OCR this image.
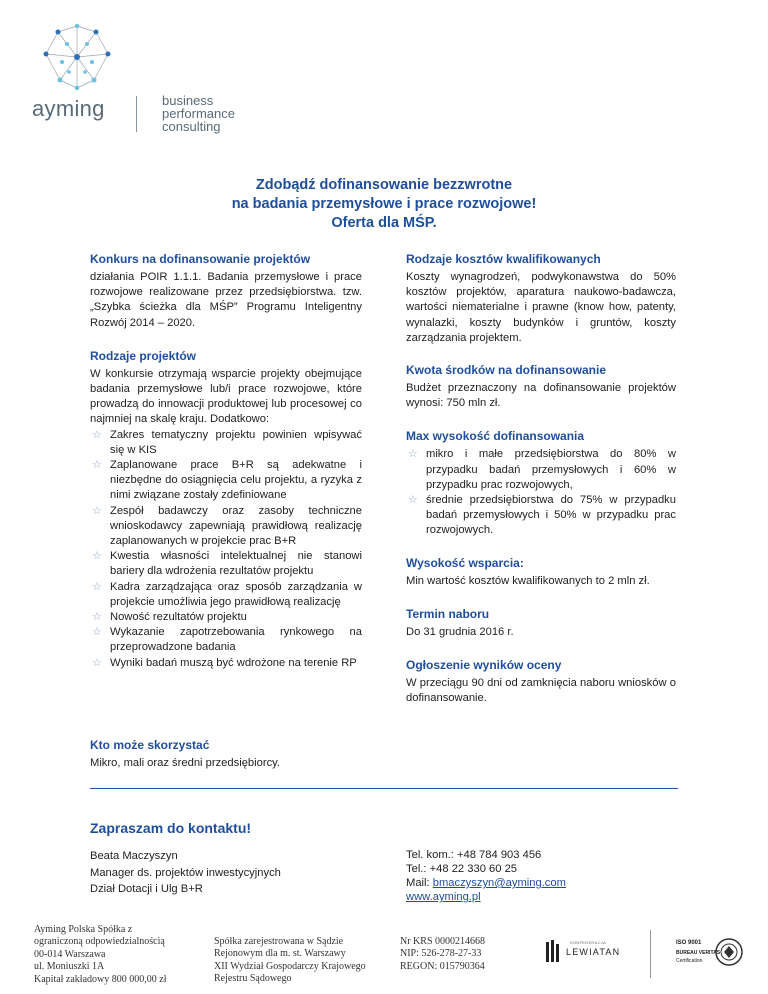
ayming	business
performance
consulting
Zdobądź dofinansowanie bezzwrotne
na badania przemysłowe i prace rozwojowe!
Oferta dla MŚP.
Konkurs na dofinansowanie projektów
działania POIR 1.1.1. Badania przemysłowe i prace rozwojowe realizowane przez przedsiębiorstwa. tzw. „Szybka ścieżka dla MŚP” Programu Inteligentny Rozwój 2014 – 2020.
Rodzaje projektów
W konkursie otrzymają wsparcie projekty obejmujące badania przemysłowe lub/i prace rozwojowe, które prowadzą do innowacji produktowej lub procesowej co najmniej na skalę kraju. Dodatkowo:
☆ Zakres tematyczny projektu powinien wpisywać się w KIS
☆ Zaplanowane prace B+R są adekwatne i niezbędne do osiągnięcia celu projektu, a ryzyka z nimi związane zostały zdefiniowane
☆ Zespół badawczy oraz zasoby techniczne wnioskodawcy zapewniają prawidłową realizację zaplanowanych w projekcie prac B+R
☆ Kwestia własności intelektualnej nie stanowi bariery dla wdrożenia rezultatów projektu
☆ Kadra zarządzająca oraz sposób zarządzania w projekcie umożliwia jego prawidłową realizację
☆ Nowość rezultatów projektu
☆ Wykazanie zapotrzebowania rynkowego na przeprowadzone badania
☆ Wyniki badań muszą być wdrożone na terenie RP
Kto może skorzystać
Mikro, mali oraz średni przedsiębiorcy.
Rodzaje kosztów kwalifikowanych
Koszty wynagrodzeń, podwykonawstwa do 50% kosztów projektów, aparatura naukowo-badawcza, wartości niematerialne i prawne (know how, patenty, wynalazki, koszty budynków i gruntów, koszty zarządzania projektem.
Kwota środków na dofinansowanie
Budżet przeznaczony na dofinansowanie projektów wynosi: 750 mln zł.
Max wysokość dofinansowania
☆ mikro i małe przedsiębiorstwa do 80% w przypadku badań przemysłowych i 60% w przypadku prac rozwojowych,
☆ średnie przedsiębiorstwa do 75% w przypadku badań przemysłowych i 50% w przypadku prac rozwojowych.
Wysokość wsparcia:
Min wartość kosztów kwalifikowanych to 2 mln zł.
Termin naboru
Do 31 grudnia 2016 r.
Ogłoszenie wyników oceny
W przeciągu 90 dni od zamknięcia naboru wniosków o dofinansowanie.
Zapraszam do kontaktu!
Beata Maczyszyn
Manager ds. projektów inwestycyjnych
Dział Dotacji i Ulg B+R
Tel. kom.: +48 784 903 456
Tel.: +48 22 330 60 25
Mail: bmaczyszyn@ayming.com
www.ayming.pl
Ayming Polska Spółka z
ograniczoną odpowiedzialnością
00-014 Warszawa
ul. Moniuszki 1A
Kapitał zakładowy 800 000,00 zł
Spółka zarejestrowana w Sądzie
Rejonowym dla m. st. Warszawy
XII Wydział Gospodarczy Krajowego
Rejestru Sądowego
Nr KRS 0000214668
NIP: 526-278-27-33
REGON: 015790364
KONFEDERACJA
LEWIATAN
ISO 9001
BUREAU VERITAS
Certification
